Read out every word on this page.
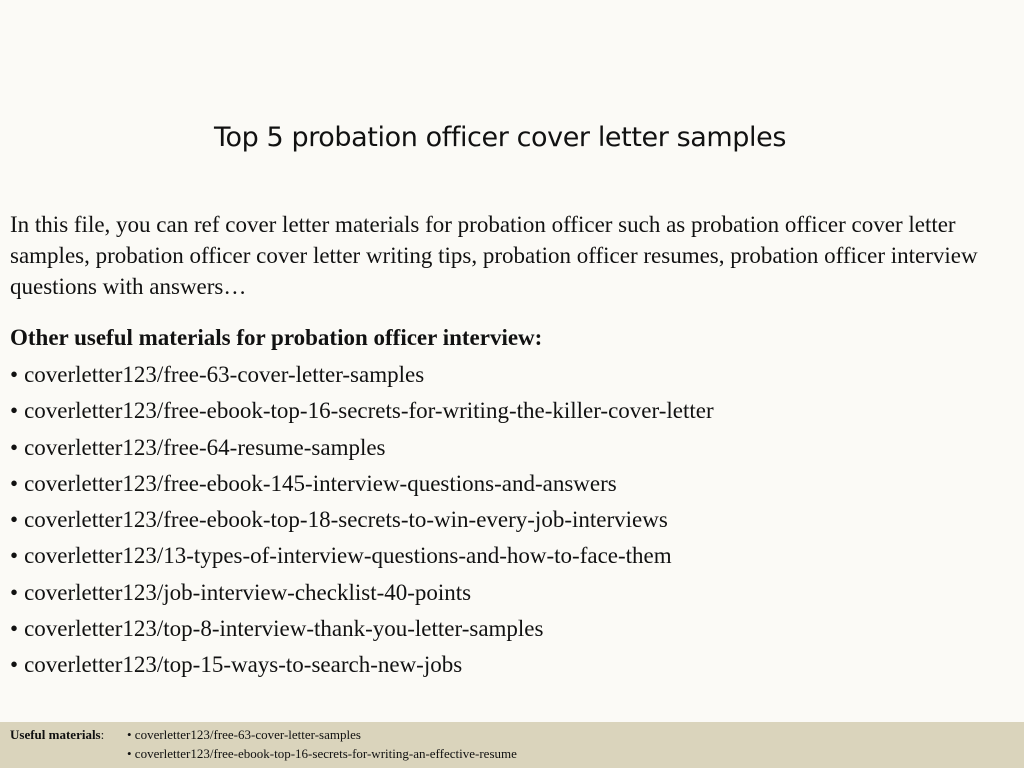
Top 5 probation officer cover letter samples

In this file, you can ref cover letter materials for probation officer such as probation officer cover letter samples, probation officer cover letter writing tips, probation officer resumes, probation officer interview questions with answers…

Other useful materials for probation officer interview:
• coverletter123/free-63-cover-letter-samples
• coverletter123/free-ebook-top-16-secrets-for-writing-the-killer-cover-letter
• coverletter123/free-64-resume-samples
• coverletter123/free-ebook-145-interview-questions-and-answers
• coverletter123/free-ebook-top-18-secrets-to-win-every-job-interviews
• coverletter123/13-types-of-interview-questions-and-how-to-face-them
• coverletter123/job-interview-checklist-40-points
• coverletter123/top-8-interview-thank-you-letter-samples
• coverletter123/top-15-ways-to-search-new-jobs
Useful materials: • coverletter123/free-63-cover-letter-samples
• coverletter123/free-ebook-top-16-secrets-for-writing-an-effective-resume
